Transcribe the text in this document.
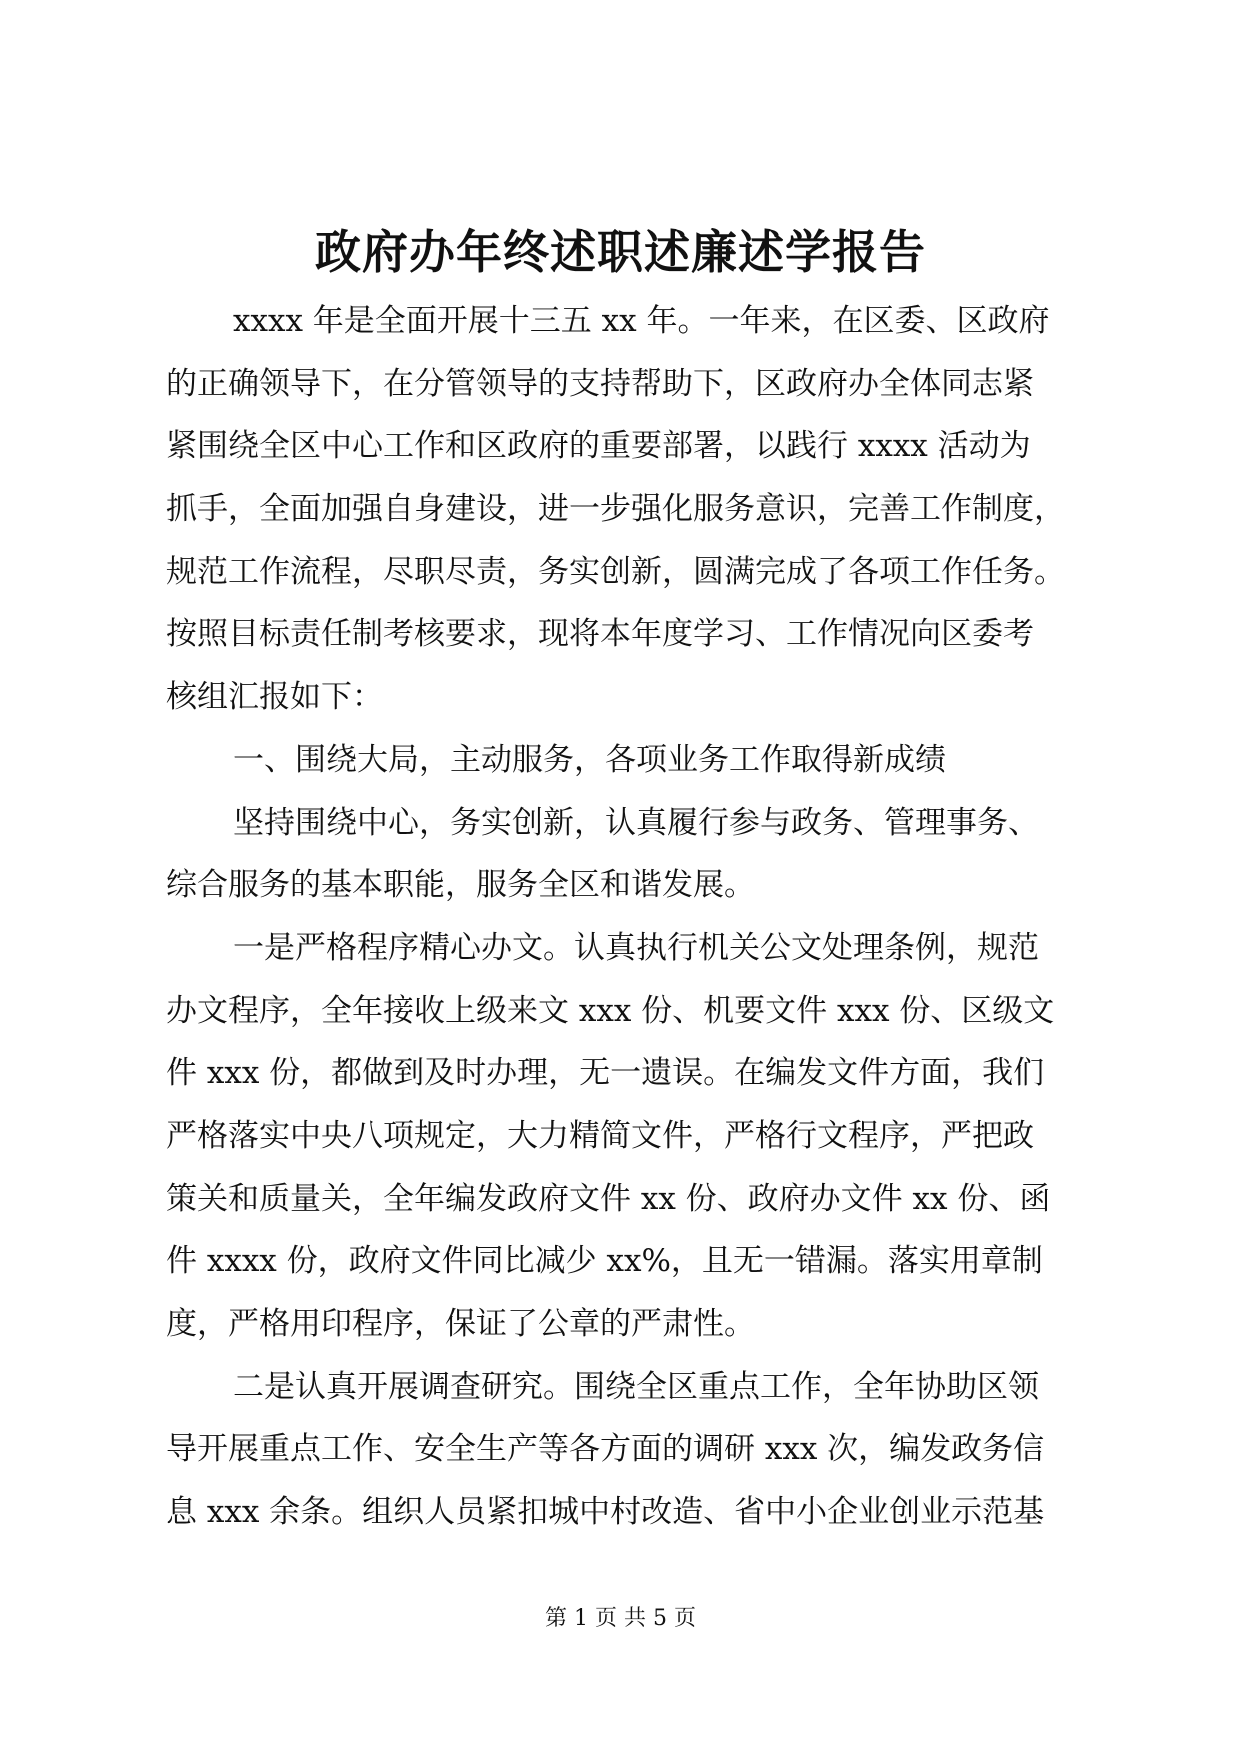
政府办年终述职述廉述学报告
xxxx 年是全面开展十三五 xx 年。一年来，在区委、区政府
的正确领导下，在分管领导的支持帮助下，区政府办全体同志紧
紧围绕全区中心工作和区政府的重要部署，以践行 xxxx 活动为
抓手，全面加强自身建设，进一步强化服务意识，完善工作制度，
规范工作流程，尽职尽责，务实创新，圆满完成了各项工作任务。
按照目标责任制考核要求，现将本年度学习、工作情况向区委考
核组汇报如下：
一、围绕大局，主动服务，各项业务工作取得新成绩
坚持围绕中心，务实创新，认真履行参与政务、管理事务、
综合服务的基本职能，服务全区和谐发展。
一是严格程序精心办文。认真执行机关公文处理条例，规范
办文程序，全年接收上级来文 xxx 份、机要文件 xxx 份、区级文
件 xxx 份，都做到及时办理，无一遗误。在编发文件方面，我们
严格落实中央八项规定，大力精简文件，严格行文程序，严把政
策关和质量关，全年编发政府文件 xx 份、政府办文件 xx 份、函
件 xxxx 份，政府文件同比减少 xx%，且无一错漏。落实用章制
度，严格用印程序，保证了公章的严肃性。
二是认真开展调查研究。围绕全区重点工作，全年协助区领
导开展重点工作、安全生产等各方面的调研 xxx 次，编发政务信
息 xxx 余条。组织人员紧扣城中村改造、省中小企业创业示范基
第 1 页 共 5 页
